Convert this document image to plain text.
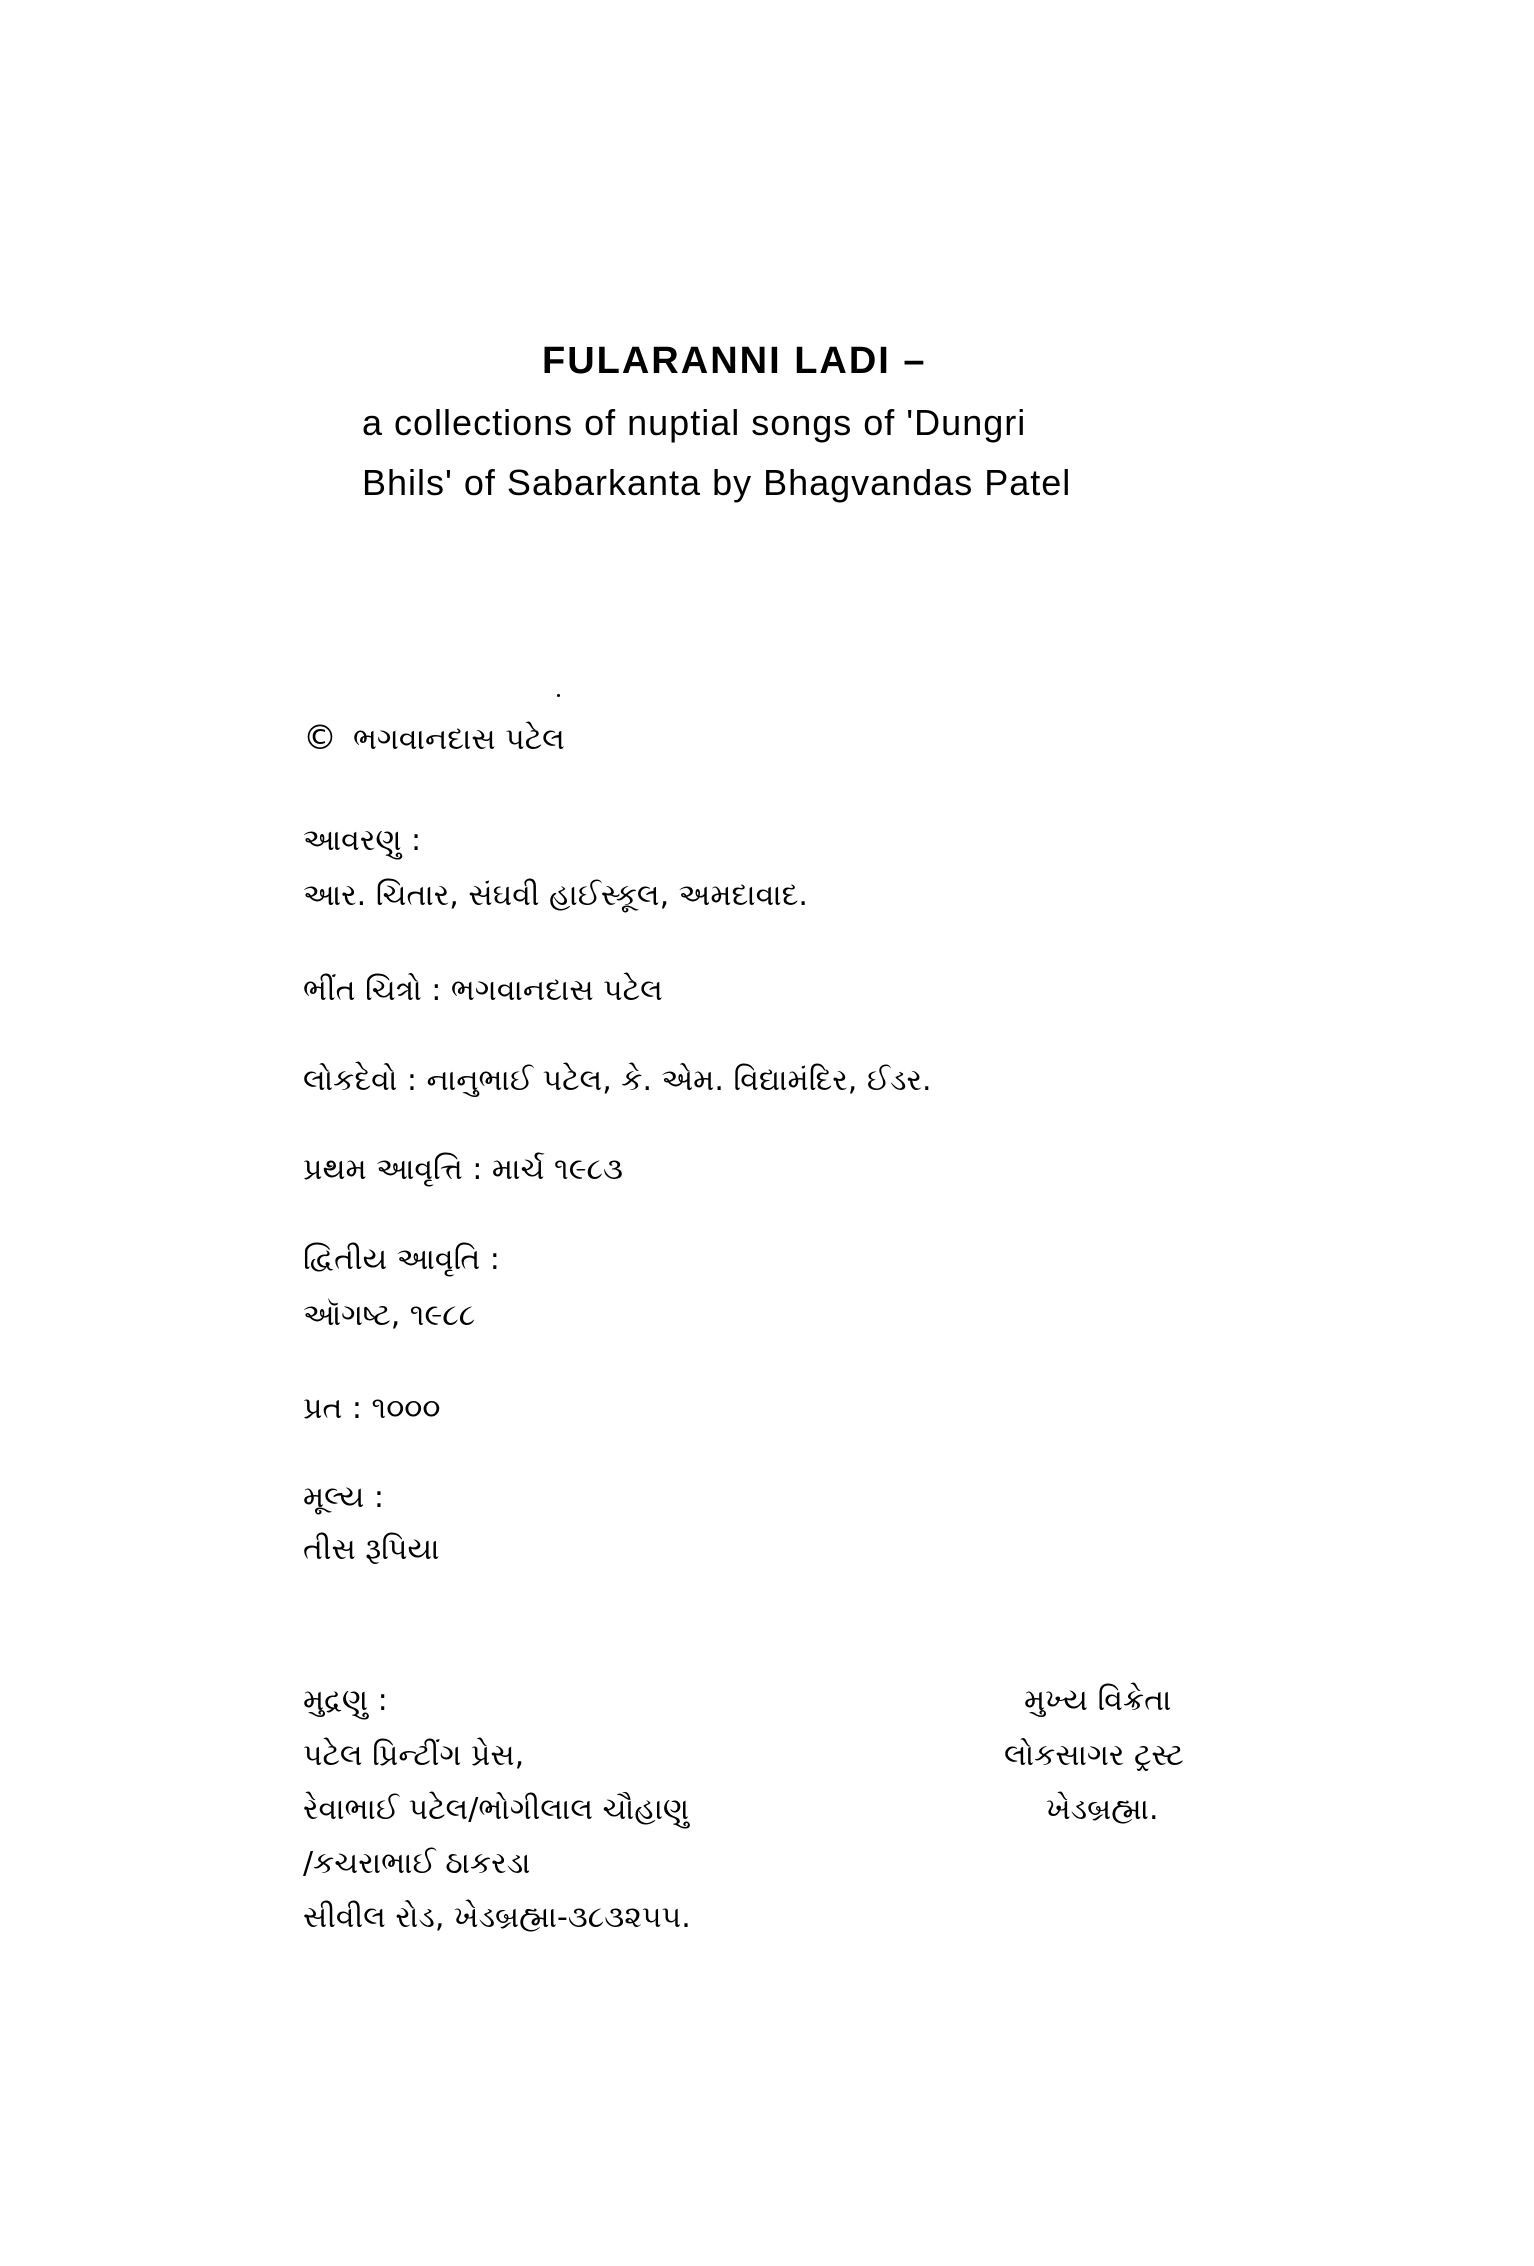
FULARANNI LADI –
a collections of nuptial songs of 'Dungri
Bhils' of Sabarkanta by Bhagvandas Patel
© ભગવાનદાસ પટેલ
આવરણુ :
આર. ચિતાર, સંઘવી હાઈસ્કૂલ, અમદાવાદ.
ભીંત ચિત્રો : ભગવાનદાસ પટેલ
લોકદેવો : નાનુભાઈ પટેલ, કે. એમ. વિદ્યામંદિર, ઈડર.
પ્રથમ આવૃત્તિ : માર્ચ ૧૯૮૩
દ્વિતીય આવૃતિ :
ઑગષ્ટ, ૧૯૮૮
પ્રત : ૧૦૦૦
મૂલ્ય :
તીસ રૂપિયા
મુદ્રણુ :
પટેલ પ્રિન્ટીંગ પ્રેસ,
રેવાભાઈ પટેલ/ભોગીલાલ ચૌહાણુ
/કચરાભાઈ ઠાકરડા
સીવીલ રોડ, ખેડબ્રહ્મા-૩૮૩૨૫૫.
મુખ્ય વિક્રેતા
લોકસાગર ટ્રસ્ટ
ખેડબ્રહ્મા.
